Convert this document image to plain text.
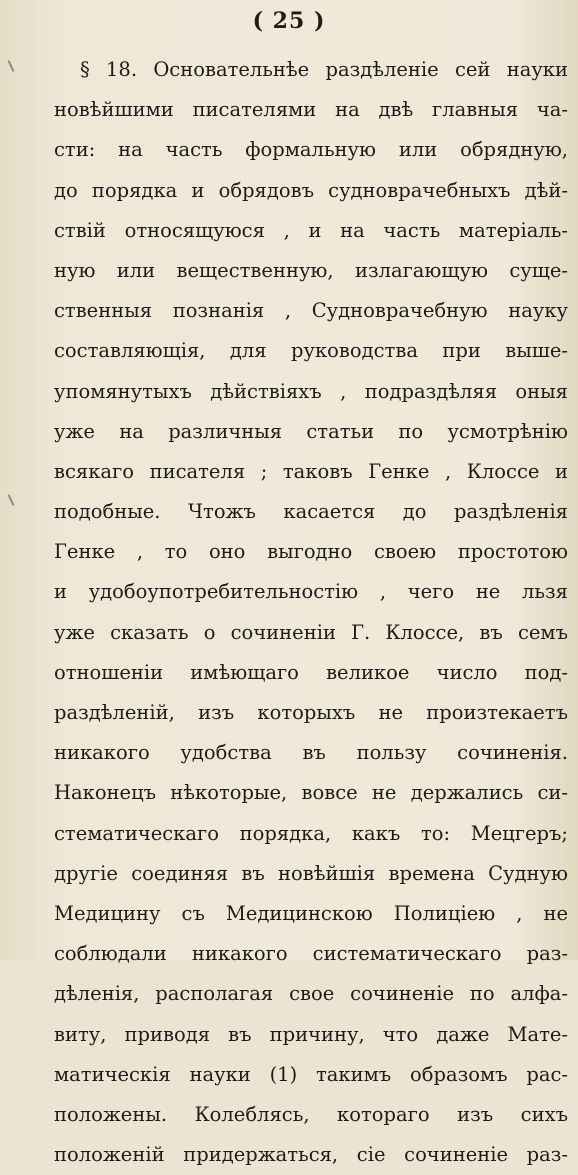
( 25 )
§ 18. Основательнѣе раздѣленіе сей науки
новѣйшими писателями на двѣ главныя ча-
сти: на часть формальную или обрядную,
до порядка и обрядовъ судноврачебныхъ дѣй-
ствій относящуюся , и на часть матеріаль-
ную или вещественную, излагающую суще-
ственныя познанія , Судноврачебную науку
составляющія, для руководства при выше-
упомянутыхъ дѣйствіяхъ , подраздѣляя оныя
уже на различныя статьи по усмотрѣнію
всякаго писателя ; таковъ Генке , Клоссе и
подобные. Чтожъ касается до раздѣленія
Генке , то оно выгодно своею простотою
и удобоупотребительностію , чего не льзя
уже сказать о сочиненіи Г. Клоссе, въ семъ
отношеніи имѣющаго великое число под-
раздѣленій, изъ которыхъ не произтекаетъ
никакого удобства въ пользу сочиненія.
Наконецъ нѣкоторые, вовсе не держались си-
стематическаго порядка, какъ то: Мецгеръ;
другіе соединяя въ новѣйшія времена Судную
Медицину съ Медицинскою Полиціею , не
соблюдали никакого систематическаго раз-
дѣленія, располагая свое сочиненіе по алфа-
виту, приводя въ причину, что даже Мате-
матическія науки (1) такимъ образомъ рас-
положены. Колеблясь, котораго изъ сихъ
положеній придержаться, сіе сочиненіе раз-
